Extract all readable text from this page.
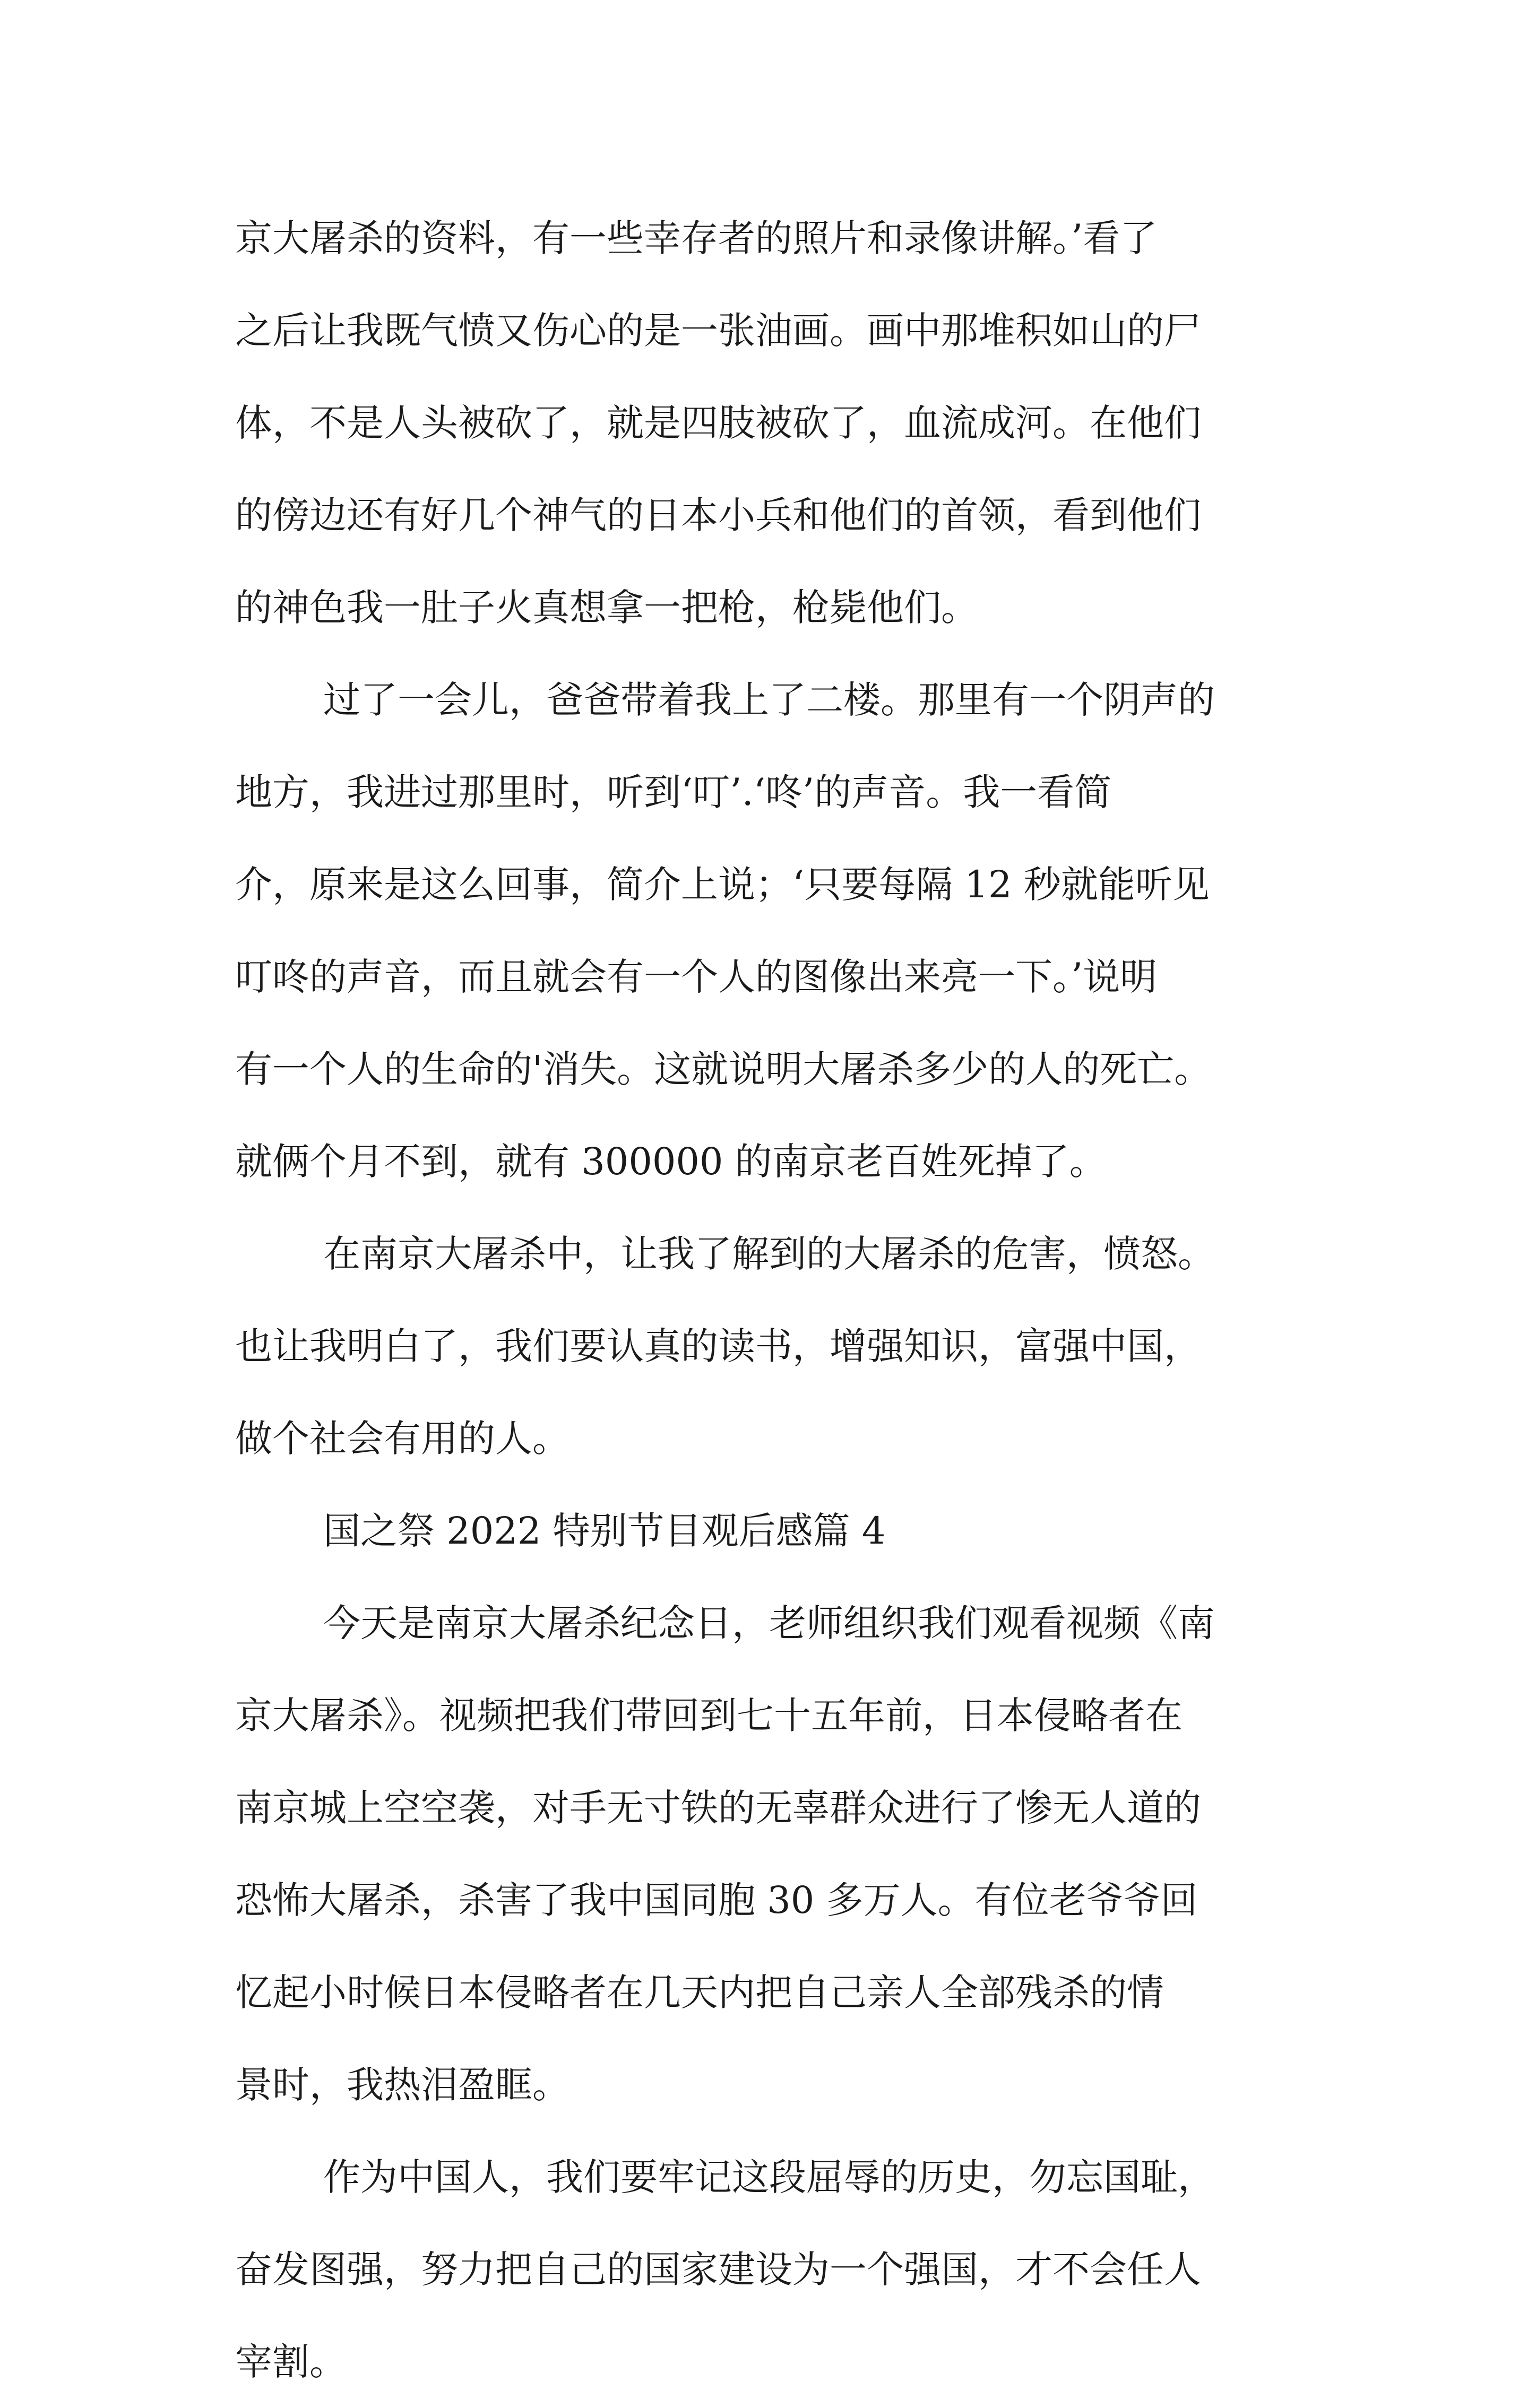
京大屠杀的资料，有一些幸存者的照片和录像讲解。’看了
之后让我既气愤又伤心的是一张油画。画中那堆积如山的尸
体，不是人头被砍了，就是四肢被砍了，血流成河。在他们
的傍边还有好几个神气的日本小兵和他们的首领，看到他们
的神色我一肚子火真想拿一把枪，枪毙他们。
过了一会儿，爸爸带着我上了二楼。那里有一个阴声的
地方，我进过那里时，听到‘叮’.‘咚’的声音。我一看简
介，原来是这么回事，简介上说；‘只要每隔 12 秒就能听见
叮咚的声音，而且就会有一个人的图像出来亮一下。’说明
有一个人的生命的'消失。这就说明大屠杀多少的人的死亡。
就俩个月不到，就有 300000 的南京老百姓死掉了。
在南京大屠杀中，让我了解到的大屠杀的危害，愤怒。
也让我明白了，我们要认真的读书，增强知识，富强中国，
做个社会有用的人。
国之祭 2022 特别节目观后感篇 4
今天是南京大屠杀纪念日，老师组织我们观看视频《南
京大屠杀》。视频把我们带回到七十五年前，日本侵略者在
南京城上空空袭，对手无寸铁的无辜群众进行了惨无人道的
恐怖大屠杀，杀害了我中国同胞 30 多万人。有位老爷爷回
忆起小时候日本侵略者在几天内把自己亲人全部残杀的情
景时，我热泪盈眶。
作为中国人，我们要牢记这段屈辱的历史，勿忘国耻，
奋发图强，努力把自己的国家建设为一个强国，才不会任人
宰割。
